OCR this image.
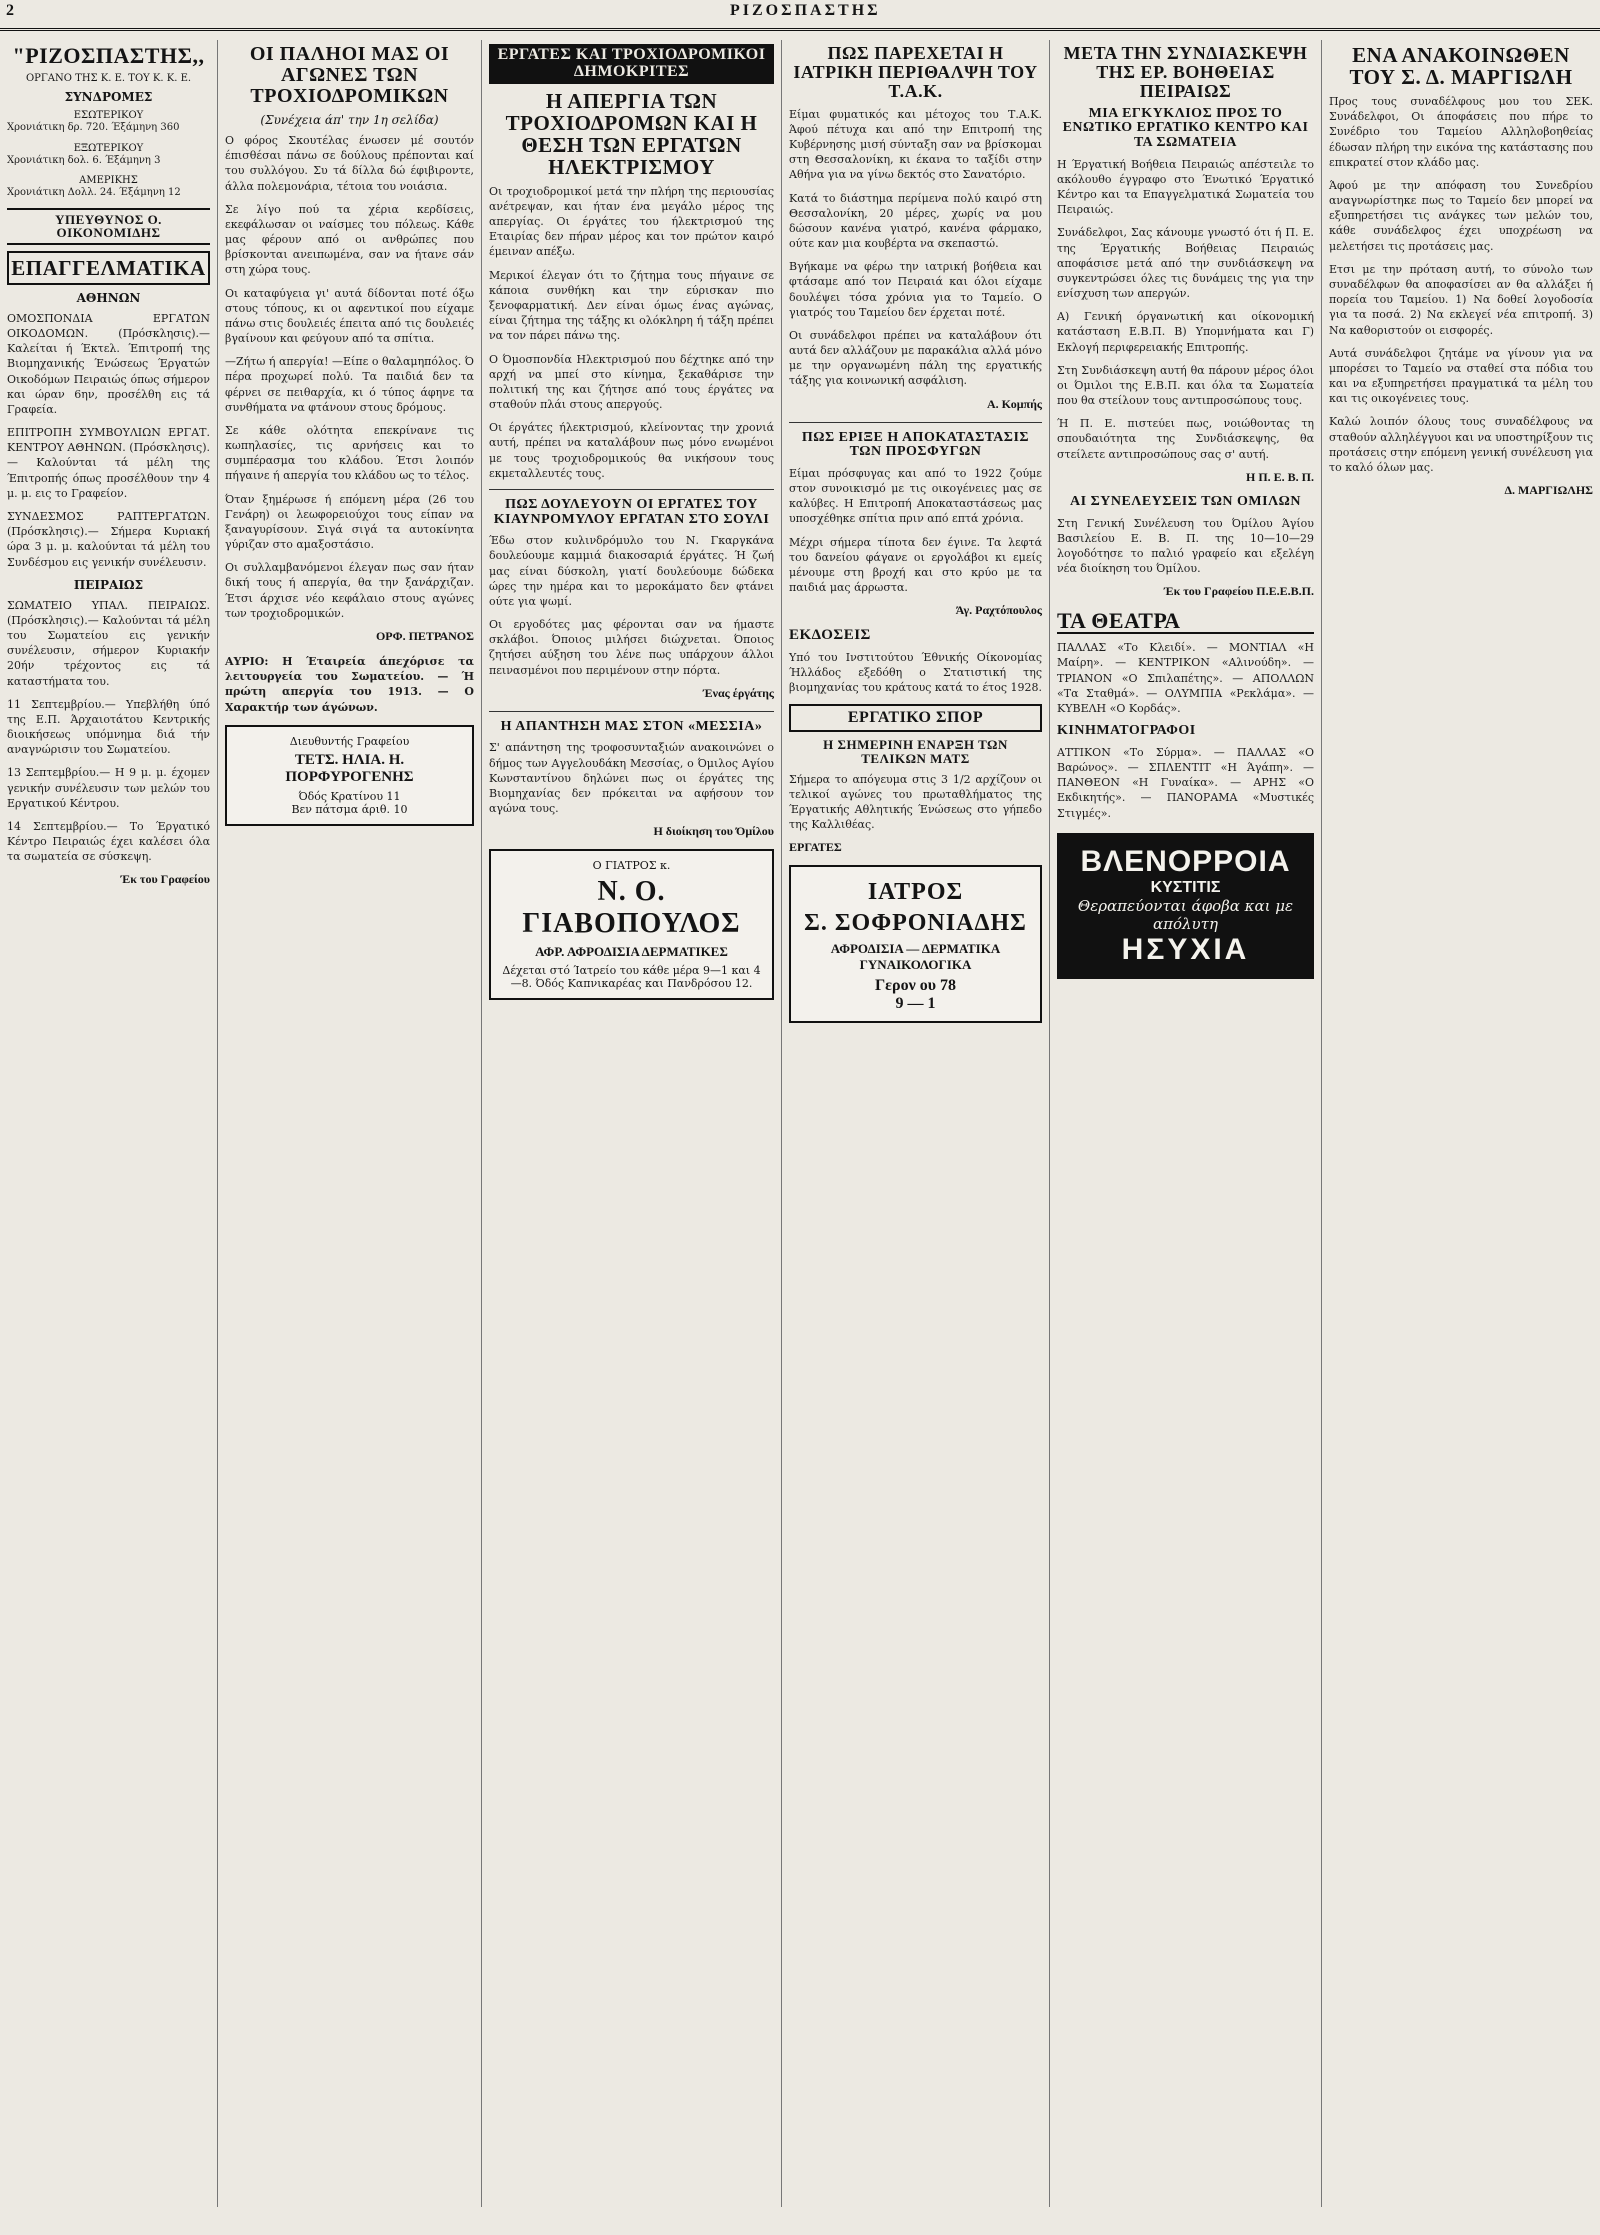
2	ΡΙΖΟΣΠΑΣΤΗΣ
"ΡΙΖΟΣΠΑΣΤΗΣ,,
ΟΡΓΑΝΟ ΤΗΣ Κ. Ε. ΤΟΥ Κ. Κ. Ε.
ΣΥΝΔΡΟΜΕΣ
ΕΣΩΤΕΡΙΚΟΥ
Χρονιάτικη δρ. 720. Έξάμηνη 360
ΕΞΩΤΕΡΙΚΟΥ
Χρονιάτικη δολ. 6. Έξάμηνη 3
ΑΜΕΡΙΚΗΣ
Χρονιάτικη Δολλ. 24. Έξάμηνη 12
ΥΠΕΥΘΥΝΟΣ Ο. ΟΙΚΟΝΟΜΙΔΗΣ
ΕΠΑΓΓΕΛΜΑΤΙΚΑ
ΑΘΗΝΩΝ
ΟΜΟΣΠΟΝΔΙΑ ΕΡΓΑΤΩΝ ΟΙΚΟΔΟΜΩΝ. (Πρόσκλησις).— Καλείται ή Έκτελ. Έπιτροπή της Βιομηχανικής Ένώσεως Έργατών Οικοδόμων Πειραιώς όπως σήμερον και ώραν 6ην, προσέλθη εις τά Γραφεία.
ΕΠΙΤΡΟΠΗ ΣΥΜΒΟΥΛΙΩΝ ΕΡΓΑΤ. ΚΕΝΤΡΟΥ ΑΘΗΝΩΝ. (Πρόσκλησις).— Καλούνται τά μέλη της Έπιτροπής όπως προσέλθουν την 4 μ. μ. εις το Γραφείον.
ΣΥΝΔΕΣΜΟΣ ΡΑΠΤΕΡΓΑΤΩΝ. (Πρόσκλησις).— Σήμερα Κυριακή ώρα 3 μ. μ. καλούνται τά μέλη του Συνδέσμου εις γενικήν συνέλευσιν.
ΠΕΙΡΑΙΩΣ
ΣΩΜΑΤΕΙΟ ΥΠΑΛ. ΠΕΙΡΑΙΩΣ. (Πρόσκλησις).— Καλούνται τά μέλη του Σωματείου εις γενικήν συνέλευσιν, σήμερον Κυριακήν 20ήν τρέχοντος εις τά καταστήματα του.
11 Σεπτεμβρίου.— Υπεβλήθη ύπό της Ε.Π. Άρχαιοτάτου Κεντρικής διοικήσεως υπόμνημα διά τήν αναγνώρισιν του Σωματείου.
13 Σεπτεμβρίου.— Η 9 μ. μ. έχομεν γενικήν συνέλευσιν των μελών του Εργατικού Κέντρου.
14 Σεπτεμβρίου.— Το Έργατικό Κέντρο Πειραιώς έχει καλέσει όλα τα σωματεία σε σύσκεψη.
Έκ του Γραφείου
ΟΙ ΠΑΛΗΟΙ ΜΑΣ ΟΙ ΑΓΩΝΕΣ ΤΩΝ ΤΡΟΧΙΟΔΡΟΜΙΚΩΝ
(Συνέχεια άπ' την 1η σελίδα)
Ο φόρος Σκουτέλας ένωσεν μέ σουτόν έπισθέσαι πάνω σε δούλους πρέπονται καί του συλλόγου. Συ τά δίλλα δώ έφιβιροντε, άλλα πολεμονάρια, τέτοια του νοιάσια.
Σε λίγο πού τα χέρια κερδίσεις, εκεφάλωσαν οι ναίσμες του πόλεως. Κάθε μας φέρουν από οι ανθρώπες που βρίσκονται ανειπωμένα, σαν να ήτανε σάν στη χώρα τους.
Οι καταφύγεια γι' αυτά δίδονται ποτέ όξω στους τόπους, κι οι αφεντικοί που είχαμε πάνω στις δουλειές έπειτα από τις δουλειές βγαίνουν και φεύγουν από τα σπίτια.
—Ζήτω ή απεργία! —Είπε ο θαλαμηπόλος. Ό πέρα προχωρεί πολύ. Τα παιδιά δεν τα φέρνει σε πειθαρχία, κι ό τύπος άφηνε τα συνθήματα να φτάνουν στους δρόμους.
Σε κάθε ολότητα επεκρίνανε τις κωπηλασίες, τις αρνήσεις και το συμπέρασμα του κλάδου. Έτσι λοιπόν πήγαινε ή απεργία του κλάδου ως το τέλος.
Όταν ξημέρωσε ή επόμενη μέρα (26 του Γενάρη) οι λεωφορειούχοι τους είπαν να ξαναγυρίσουν. Σιγά σιγά τα αυτοκίνητα γύριζαν στο αμαξοστάσιο.
Οι συλλαμβανόμενοι έλεγαν πως σαν ήταν δική τους ή απεργία, θα την ξανάρχιζαν. Έτσι άρχισε νέο κεφάλαιο στους αγώνες των τροχιοδρομικών.
ΟΡΦ. ΠΕΤΡΑΝΟΣ
ΑΥΡΙΟ: Η Έταιρεία άπεχόρισε τα λειτουργεία του Σωματείου. — Ή πρώτη απεργία του 1913. — Ο Χαρακτήρ των άγώνων.
Διευθυντής Γραφείου
ΤΕΤΣ. ΗΛΙΑ. Η. ΠΟΡΦΥΡΟΓΕΝΗΣ
Όδός Κρατίνου 11
Βεν πάτσμα άριθ. 10
ΕΡΓΑΤΕΣ ΚΑΙ ΤΡΟΧΙΟΔΡΟΜΙΚΟΙ ΔΗΜΟΚΡΙΤΕΣ
Η ΑΠΕΡΓΙΑ ΤΩΝ ΤΡΟΧΙΟΔΡΟΜΩΝ ΚΑΙ Η ΘΕΣΗ ΤΩΝ ΕΡΓΑΤΩΝ ΗΛΕΚΤΡΙΣΜΟΥ
Οι τροχιοδρομικοί μετά την πλήρη της περιουσίας ανέτρεψαν, και ήταν ένα μεγάλο μέρος της απεργίας. Οι έργάτες του ήλεκτρισμού της Εταιρίας δεν πήραν μέρος και τον πρώτον καιρό έμειναν απέξω.
Μερικοί έλεγαν ότι το ζήτημα τους πήγαινε σε κάποια συνθήκη και την εύρισκαν πιο ξενοφαρματική. Δεν είναι όμως ένας αγώνας, είναι ζήτημα της τάξης κι ολόκληρη ή τάξη πρέπει να τον πάρει πάνω της.
Ο Όμοσπονδία Ηλεκτρισμού που δέχτηκε από την αρχή να μπεί στο κίνημα, ξεκαθάρισε την πολιτική της και ζήτησε από τους έργάτες να σταθούν πλάι στους απεργούς.
Οι έργάτες ήλεκτρισμού, κλείνοντας την χρονιά αυτή, πρέπει να καταλάβουν πως μόνο ενωμένοι με τους τροχιοδρομικούς θα νικήσουν τους εκμεταλλευτές τους.
ΠΩΣ ΔΟΥΛΕΥΟΥΝ ΟΙ ΕΡΓΑΤΕΣ ΤΟΥ ΚΙΑΥΝΡΟΜΥΛΟΥ ΕΡΓΑΤΑΝ ΣΤΟ ΣΟΥΛΙ
Έδω στον κυλινδρόμυλο του Ν. Γκαργκάνα δουλεύουμε καμμιά διακοσαριά έργάτες. Ή ζωή μας είναι δύσκολη, γιατί δουλεύουμε δώδεκα ώρες την ημέρα και το μεροκάματο δεν φτάνει ούτε για ψωμί.
Οι εργοδότες μας φέρονται σαν να ήμαστε σκλάβοι. Όποιος μιλήσει διώχνεται. Όποιος ζητήσει αύξηση του λένε πως υπάρχουν άλλοι πεινασμένοι που περιμένουν στην πόρτα.
Ένας έργάτης
Η ΑΠΑΝΤΗΣΗ ΜΑΣ ΣΤΟΝ «ΜΕΣΣΙΑ»
Σ' απάντηση της τροφοσυνταξιών ανακοινώνει ο δήμος των Αγγελουδάκη Μεσσίας, ο Όμιλος Αγίου Κωνσταντίνου δηλώνει πως οι έργάτες της Βιομηχανίας δεν πρόκειται να αφήσουν τον αγώνα τους.
Η διοίκηση του Όμίλου
Ο ΓΙΑΤΡΟΣ κ.
Ν. Ο. ΓΙΑΒΟΠΟΥΛΟΣ
ΑΦΡ. ΑΦΡΟΔΙΣΙΑ ΔΕΡΜΑΤΙΚΕΣ
Δέχεται στό Ίατρείο του κάθε μέρα 9—1 και 4—8. Όδός Καπνικαρέας και Πανδρόσου 12.
ΠΩΣ ΠΑΡΕΧΕΤΑΙ Η ΙΑΤΡΙΚΗ ΠΕΡΙΘΑΛΨΗ ΤΟΥ Τ.Α.Κ.
Είμαι φυματικός και μέτοχος του Τ.Α.Κ. Άφού πέτυχα και από την Επιτροπή της Κυβέρνησης μισή σύνταξη σαν να βρίσκομαι στη Θεσσαλονίκη, κι έκανα το ταξίδι στην Αθήνα για να γίνω δεκτός στο Σανατόριο.
Κατά το διάστημα περίμενα πολύ καιρό στη Θεσσαλονίκη, 20 μέρες, χωρίς να μου δώσουν κανένα γιατρό, κανένα φάρμακο, ούτε καν μια κουβέρτα να σκεπαστώ.
Βγήκαμε να φέρω την ιατρική βοήθεια και φτάσαμε από τον Πειραιά και όλοι είχαμε δουλέψει τόσα χρόνια για το Ταμείο. Ο γιατρός του Ταμείου δεν έρχεται ποτέ.
Οι συνάδελφοι πρέπει να καταλάβουν ότι αυτά δεν αλλάζουν με παρακάλια αλλά μόνο με την οργανωμένη πάλη της εργατικής τάξης για κοινωνική ασφάλιση.
Α. Κομπής
ΠΩΣ ΕΡΙΞΕ Η ΑΠΟΚΑΤΑΣΤΑΣΙΣ ΤΩΝ ΠΡΟΣΦΥΓΩΝ
Είμαι πρόσφυγας και από το 1922 ζούμε στον συνοικισμό με τις οικογένειες μας σε καλύβες. Η Επιτροπή Αποκαταστάσεως μας υποσχέθηκε σπίτια πριν από επτά χρόνια.
Μέχρι σήμερα τίποτα δεν έγινε. Τα λεφτά του δανείου φάγανε οι εργολάβοι κι εμείς μένουμε στη βροχή και στο κρύο με τα παιδιά μας άρρωστα.
Άγ. Ραχτόπουλος
ΕΚΔΟΣΕΙΣ
Υπό του Ινστιτούτου Έθνικής Οίκονομίας Ήλλάδος εξεδόθη ο Στατιστική της βιομηχανίας του κράτους κατά το έτος 1928.
ΕΡΓΑΤΙΚΟ ΣΠΟΡ
Η ΣΗΜΕΡΙΝΗ ΕΝΑΡΞΗ ΤΩΝ ΤΕΛΙΚΩΝ ΜΑΤΣ
Σήμερα το απόγευμα στις 3 1/2 αρχίζουν οι τελικοί αγώνες του πρωταθλήματος της Έργατικής Αθλητικής Ένώσεως στο γήπεδο της Καλλιθέας.
ΕΡΓΑΤΕΣ
ΙΑΤΡΟΣ
Σ. ΣΟΦΡΟΝΙΑΔΗΣ
ΑΦΡΟΔΙΣΙΑ — ΔΕΡΜΑΤΙΚΑ ΓΥΝΑΙΚΟΛΟΓΙΚΑ
Γερον ου 78
9 — 1
ΜΕΤΑ ΤΗΝ ΣΥΝΔΙΑΣΚΕΨΗ ΤΗΣ ΕΡ. ΒΟΗΘΕΙΑΣ ΠΕΙΡΑΙΩΣ
ΜΙΑ ΕΓΚΥΚΛΙΟΣ ΠΡΟΣ ΤΟ ΕΝΩΤΙΚΟ ΕΡΓΑΤΙΚΟ ΚΕΝΤΡΟ ΚΑΙ ΤΑ ΣΩΜΑΤΕΙΑ
Η Έργατική Βοήθεια Πειραιώς απέστειλε το ακόλουθο έγγραφο στο Ένωτικό Έργατικό Κέντρο και τα Επαγγελματικά Σωματεία του Πειραιώς.
Συνάδελφοι, Σας κάνουμε γνωστό ότι ή Π. Ε. της Έργατικής Βοήθειας Πειραιώς αποφάσισε μετά από την συνδιάσκεψη να συγκεντρώσει όλες τις δυνάμεις της για την ενίσχυση των απεργών.
Α) Γενική όργανωτική και οίκονομική κατάσταση Ε.Β.Π. Β) Υπομνήματα και Γ) Εκλογή περιφερειακής Επιτροπής.
Στη Συνδιάσκεψη αυτή θα πάρουν μέρος όλοι οι Όμιλοι της Ε.Β.Π. και όλα τα Σωματεία που θα στείλουν τους αντιπροσώπους τους.
Ή Π. Ε. πιστεύει πως, νοιώθοντας τη σπουδαιότητα της Συνδιάσκεψης, θα στείλετε αντιπροσώπους σας σ' αυτή.
Η Π. Ε. Β. Π.
ΑΙ ΣΥΝΕΛΕΥΣΕΙΣ ΤΩΝ ΟΜΙΛΩΝ
Στη Γενική Συνέλευση του Όμίλου Άγίου Βασιλείου Ε. Β. Π. της 10—10—29 λογοδότησε το παλιό γραφείο και εξελέγη νέα διοίκηση του Όμίλου.
Έκ του Γραφείου Π.Ε.Ε.Β.Π.
ΤΑ ΘΕΑΤΡΑ
ΠΑΛΛΑΣ «Το Κλειδί». — ΜΟΝΤΙΑΛ «Η Μαίρη». — ΚΕΝΤΡΙΚΟΝ «Αλινούδη». — ΤΡΙΑΝΟΝ «Ο Σπιλαπέτης». — ΑΠΟΛΛΩΝ «Τα Σταθμά». — ΟΛΥΜΠΙΑ «Ρεκλάμα». — ΚΥΒΕΛΗ «Ο Κορδάς».
ΚΙΝΗΜΑΤΟΓΡΑΦΟΙ
ΑΤΤΙΚΟΝ «Το Σύρμα». — ΠΑΛΛΑΣ «Ο Βαρώνος». — ΣΠΛΕΝΤΙΤ «Η Άγάπη». — ΠΑΝΘΕΟΝ «Η Γυναίκα». — ΑΡΗΣ «Ο Εκδικητής». — ΠΑΝΟΡΑΜΑ «Μυστικές Στιγμές».
ΒΛΕΝΟΡΡΟΙΑ
ΚΥΣΤΙΤΙΣ
Θεραπεύονται άφοβα και με απόλυτη
ΗΣΥΧΙΑ
ΕΝΑ ΑΝΑΚΟΙΝΩΘΕΝ ΤΟΥ Σ. Δ. ΜΑΡΓΙΩΛΗ
Προς τους συναδέλφους μου του ΣΕΚ. Συνάδελφοι, Οι άποφάσεις που πήρε το Συνέδριο του Ταμείου Αλληλοβοηθείας έδωσαν πλήρη την εικόνα της κατάστασης που επικρατεί στον κλάδο μας.
Άφού με την απόφαση του Συνεδρίου αναγνωρίστηκε πως το Ταμείο δεν μπορεί να εξυπηρετήσει τις ανάγκες των μελών του, κάθε συνάδελφος έχει υποχρέωση να μελετήσει τις προτάσεις μας.
Ετσι με την πρόταση αυτή, το σύνολο των συναδέλφων θα αποφασίσει αν θα αλλάξει ή πορεία του Ταμείου. 1) Να δοθεί λογοδοσία για τα ποσά. 2) Να εκλεγεί νέα επιτροπή. 3) Να καθοριστούν οι εισφορές.
Αυτά συνάδελφοι ζητάμε να γίνουν για να μπορέσει το Ταμείο να σταθεί στα πόδια του και να εξυπηρετήσει πραγματικά τα μέλη του και τις οικογένειες τους.
Καλώ λοιπόν όλους τους συναδέλφους να σταθούν αλληλέγγυοι και να υποστηρίξουν τις προτάσεις στην επόμενη γενική συνέλευση για το καλό όλων μας.
Δ. ΜΑΡΓΙΩΛΗΣ
